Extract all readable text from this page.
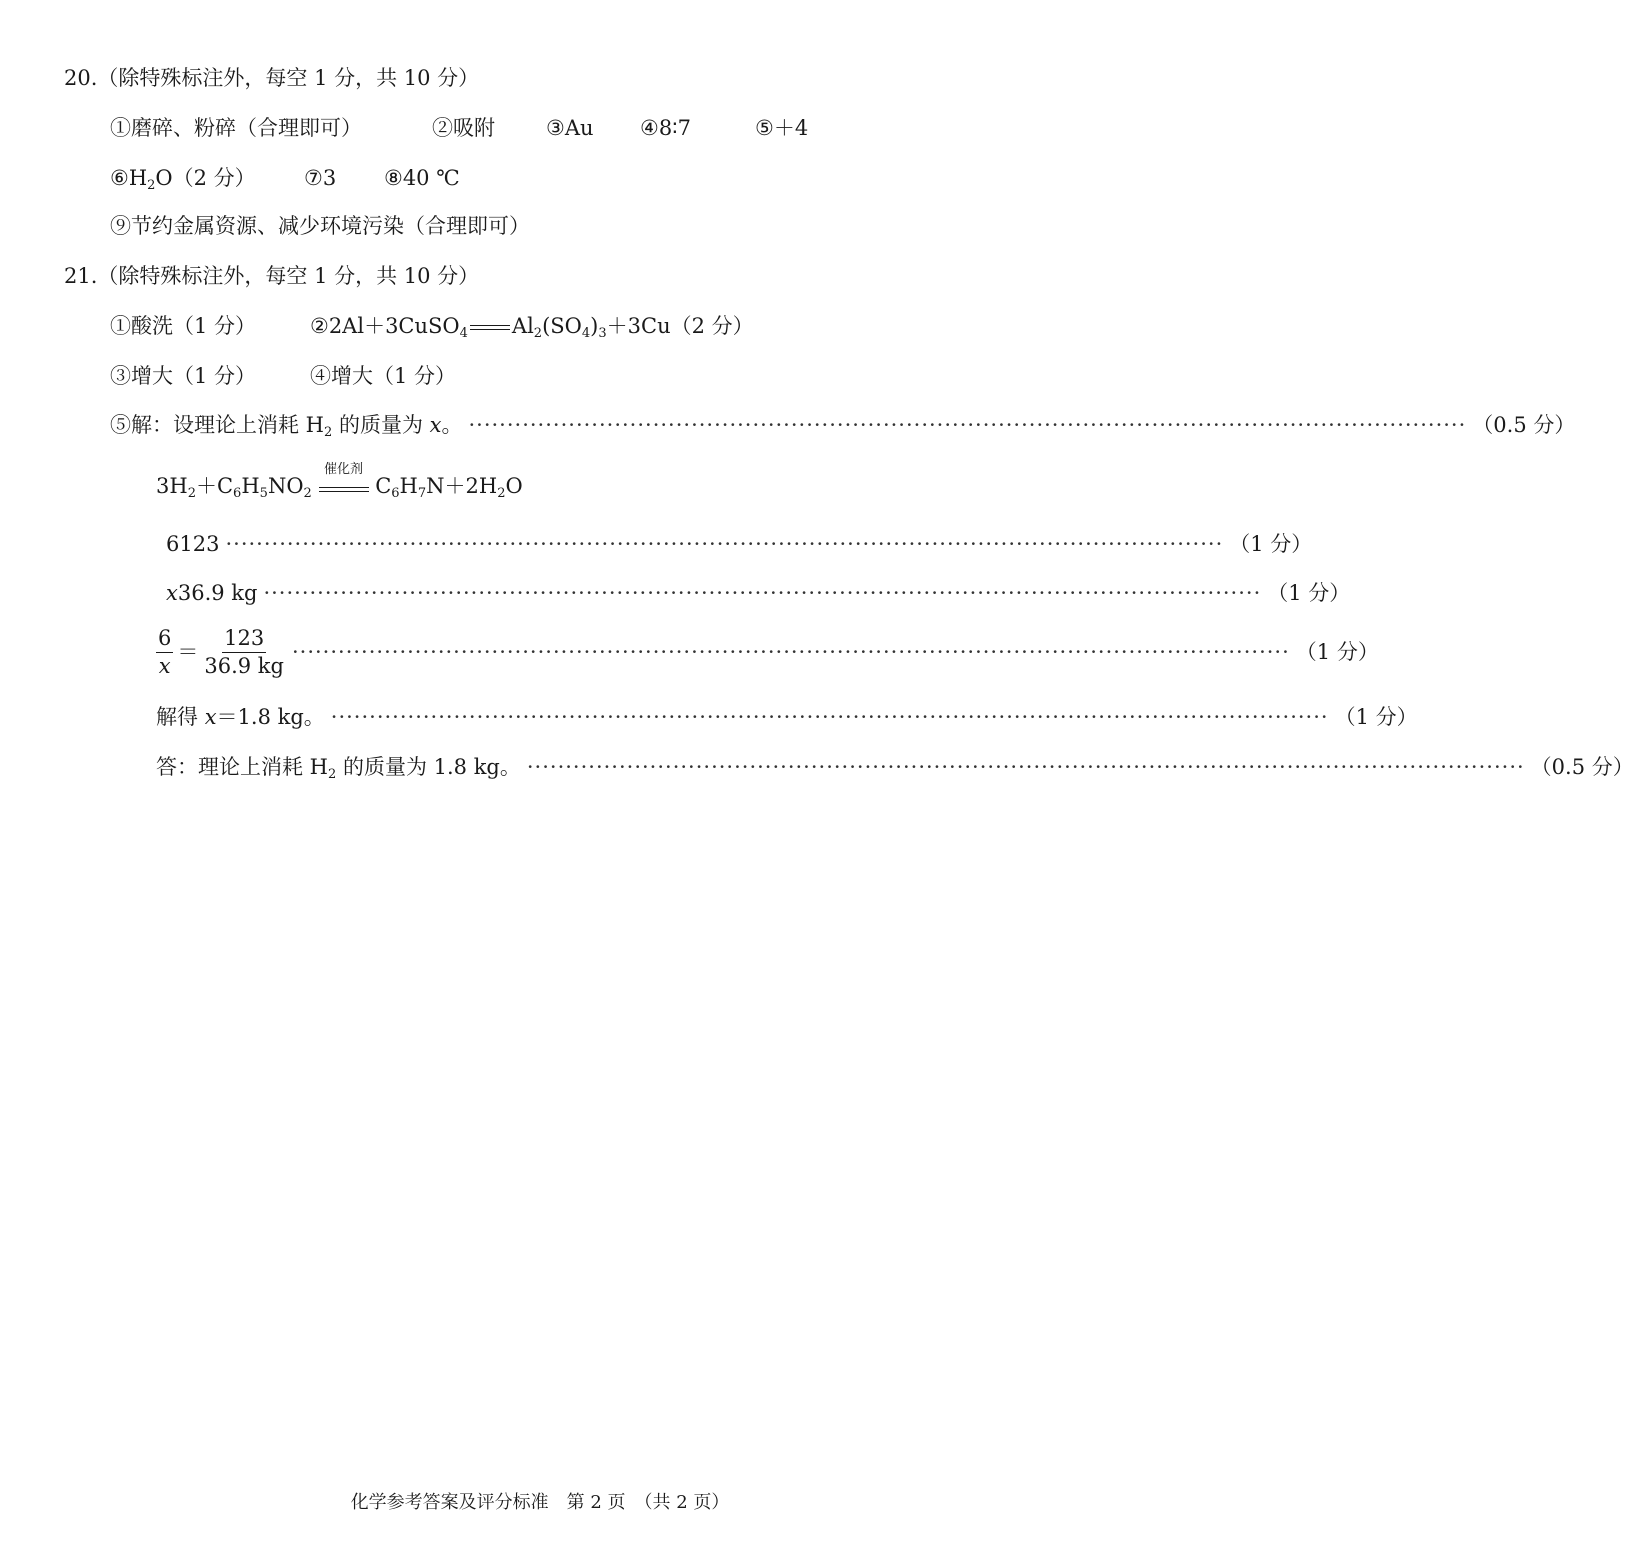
20.（除特殊标注外，每空 1 分，共 10 分）
①磨碎、粉碎（合理即可）	②吸附 ③Au ④8∶7	⑤＋4
$⑥H_2O(2$ 分） ⑦3 ⑧40 ℃
⑨节约金属资源、减少环境污染（合理即可）
21.（除特殊标注外，每空 1 分，共 10 分）
①酸洗（1 分）	②2Al＋3CuSO$_4$ $Al_2(SO_4)_3+3Cu(2$ 分）
③增大（1 分）	④增大（1 分）
⑤解：设理论上消耗 $H_2$ 的质量为 x。 ·································································································································· （0.5 分）
$3H_2+C_6H_5NO_2$
催化剂
$C_6H_7N+2H_2O$
6 123 ·································································································································· （1 分）
x 36.9 kg ·································································································································· （1 分）
$\frac{6}{x} = \frac{123}{36.9 kg}$ ·································································································································· （1 分）
解得 x＝1.8 kg。 ·································································································································· （1 分）
答：理论上消耗 $H_2$ 的质量为 1.8 kg。 ·································································································································· （0.5 分）
化学参考答案及评分标准　第 2 页　（共 2 页）
